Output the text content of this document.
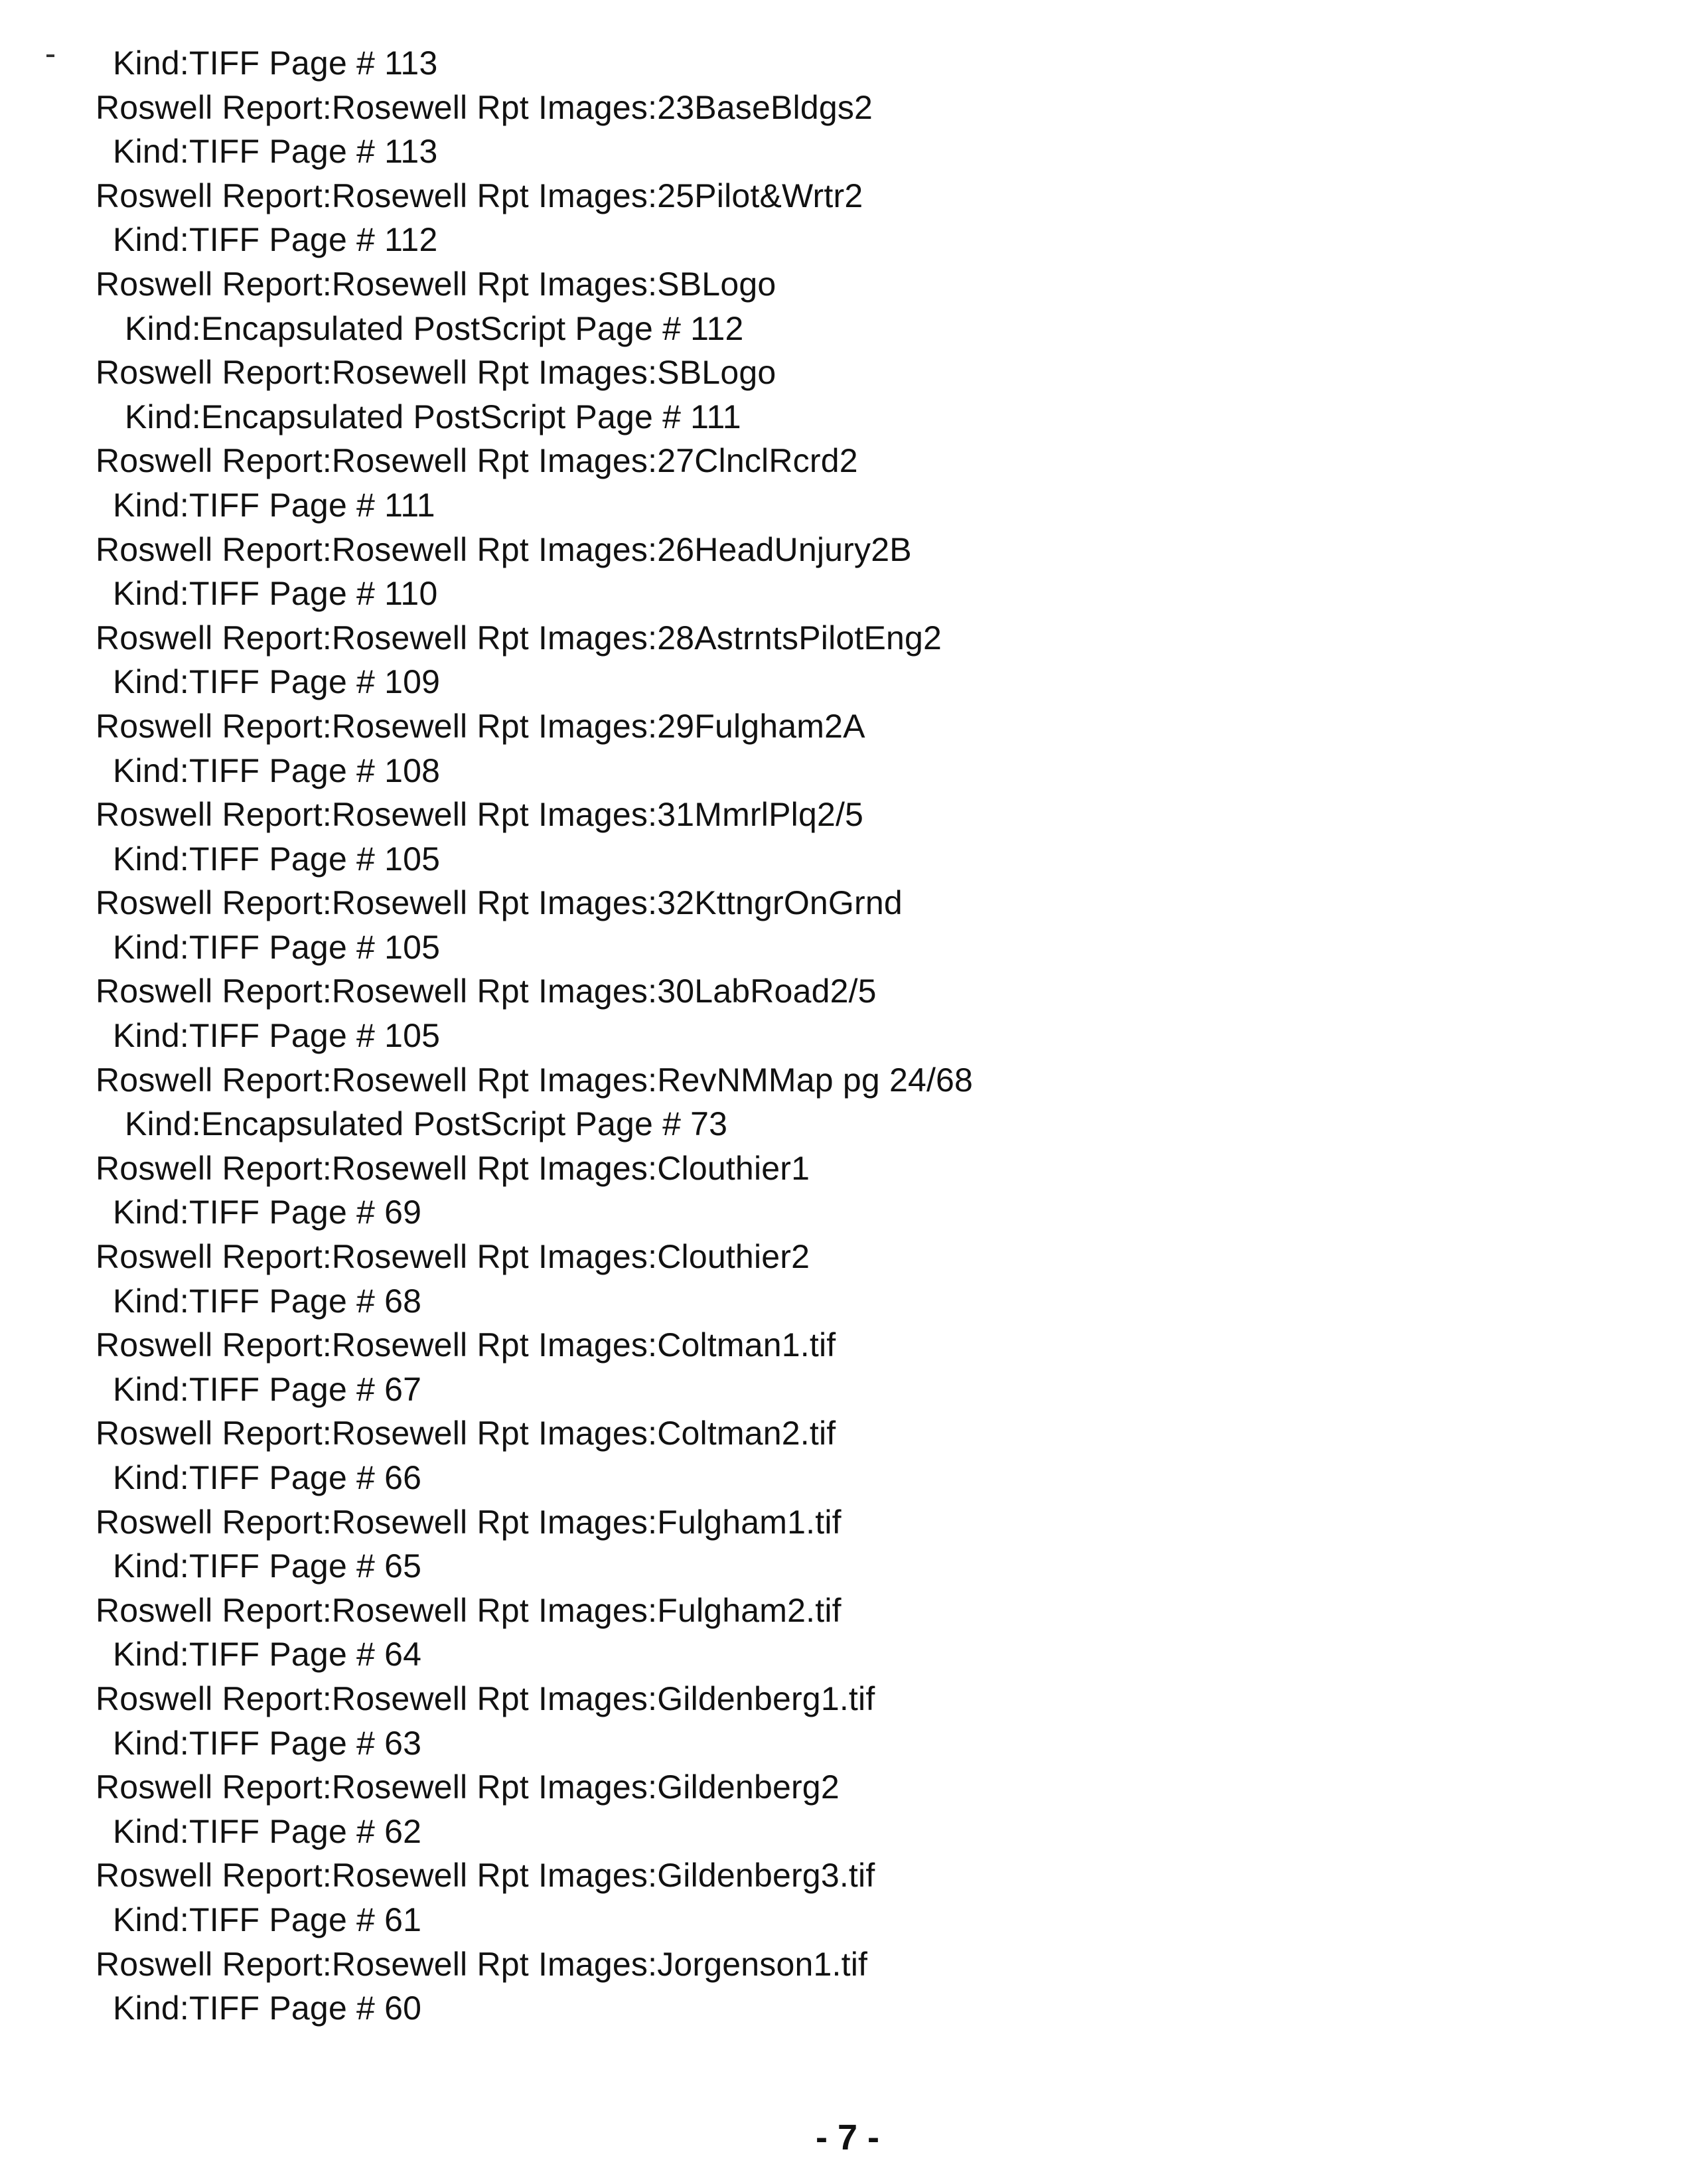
Kind:TIFF Page # 113
Roswell Report:Rosewell Rpt Images:23BaseBldgs2
Kind:TIFF Page # 113
Roswell Report:Rosewell Rpt Images:25Pilot&Wrtr2
Kind:TIFF Page # 112
Roswell Report:Rosewell Rpt Images:SBLogo
Kind:Encapsulated PostScript Page # 112
Roswell Report:Rosewell Rpt Images:SBLogo
Kind:Encapsulated PostScript Page # 111
Roswell Report:Rosewell Rpt Images:27ClnclRcrd2
Kind:TIFF Page # 111
Roswell Report:Rosewell Rpt Images:26HeadUnjury2B
Kind:TIFF Page # 110
Roswell Report:Rosewell Rpt Images:28AstrntsPilotEng2
Kind:TIFF Page # 109
Roswell Report:Rosewell Rpt Images:29Fulgham2A
Kind:TIFF Page # 108
Roswell Report:Rosewell Rpt Images:31MmrlPlq2/5
Kind:TIFF Page # 105
Roswell Report:Rosewell Rpt Images:32KttngrOnGrnd
Kind:TIFF Page # 105
Roswell Report:Rosewell Rpt Images:30LabRoad2/5
Kind:TIFF Page # 105
Roswell Report:Rosewell Rpt Images:RevNMMap pg 24/68
Kind:Encapsulated PostScript Page # 73
Roswell Report:Rosewell Rpt Images:Clouthier1
Kind:TIFF Page # 69
Roswell Report:Rosewell Rpt Images:Clouthier2
Kind:TIFF Page # 68
Roswell Report:Rosewell Rpt Images:Coltman1.tif
Kind:TIFF Page # 67
Roswell Report:Rosewell Rpt Images:Coltman2.tif
Kind:TIFF Page # 66
Roswell Report:Rosewell Rpt Images:Fulgham1.tif
Kind:TIFF Page # 65
Roswell Report:Rosewell Rpt Images:Fulgham2.tif
Kind:TIFF Page # 64
Roswell Report:Rosewell Rpt Images:Gildenberg1.tif
Kind:TIFF Page # 63
Roswell Report:Rosewell Rpt Images:Gildenberg2
Kind:TIFF Page # 62
Roswell Report:Rosewell Rpt Images:Gildenberg3.tif
Kind:TIFF Page # 61
Roswell Report:Rosewell Rpt Images:Jorgenson1.tif
Kind:TIFF Page # 60
- 7 -
